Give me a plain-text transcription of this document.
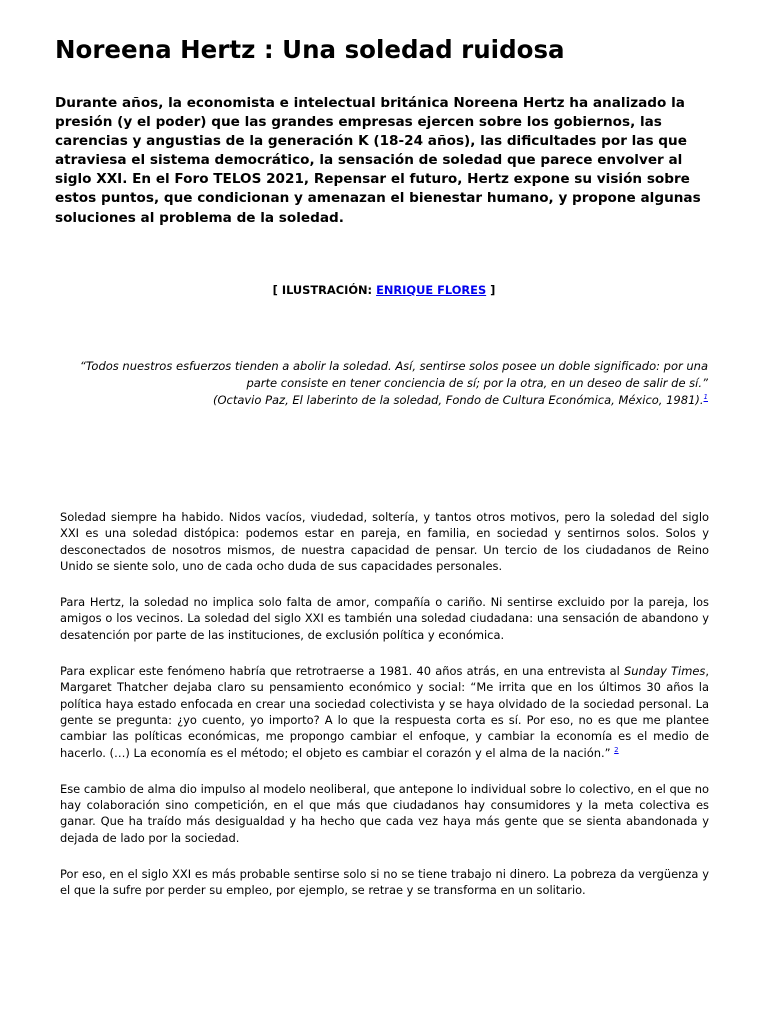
Noreena Hertz : Una soledad ruidosa

Durante años, la economista e intelectual británica Noreena Hertz ha analizado la presión (y el poder) que las grandes empresas ejercen sobre los gobiernos, las carencias y angustias de la generación K (18-24 años), las dificultades por las que atraviesa el sistema democrático, la sensación de soledad que parece envolver al siglo XXI. En el Foro TELOS 2021, Repensar el futuro, Hertz expone su visión sobre estos puntos, que condicionan y amenazan el bienestar humano, y propone algunas soluciones al problema de la soledad.

[ ILUSTRACIÓN: ENRIQUE FLORES ]

“Todos nuestros esfuerzos tienden a abolir la soledad. Así, sentirse solos posee un doble significado: por una parte consiste en tener conciencia de sí; por la otra, en un deseo de salir de sí.”
(Octavio Paz, El laberinto de la soledad, Fondo de Cultura Económica, México, 1981).$^1$

Soledad siempre ha habido. Nidos vacíos, viudedad, soltería, y tantos otros motivos, pero la soledad del siglo XXI es una soledad distópica: podemos estar en pareja, en familia, en sociedad y sentirnos solos. Solos y desconectados de nosotros mismos, de nuestra capacidad de pensar. Un tercio de los ciudadanos de Reino Unido se siente solo, uno de cada ocho duda de sus capacidades personales.

Para Hertz, la soledad no implica solo falta de amor, compañía o cariño. Ni sentirse excluido por la pareja, los amigos o los vecinos. La soledad del siglo XXI es también una soledad ciudadana: una sensación de abandono y desatención por parte de las instituciones, de exclusión política y económica.

Para explicar este fenómeno habría que retrotraerse a 1981. 40 años atrás, en una entrevista al Sunday Times, Margaret Thatcher dejaba claro su pensamiento económico y social: “Me irrita que en los últimos 30 años la política haya estado enfocada en crear una sociedad colectivista y se haya olvidado de la sociedad personal. La gente se pregunta: ¿yo cuento, yo importo? A lo que la respuesta corta es sí. Por eso, no es que me plantee cambiar las políticas económicas, me propongo cambiar el enfoque, y cambiar la economía es el medio de hacerlo. (…) La economía es el método; el objeto es cambiar el corazón y el alma de la nación.” $^2$

Ese cambio de alma dio impulso al modelo neoliberal, que antepone lo individual sobre lo colectivo, en el que no hay colaboración sino competición, en el que más que ciudadanos hay consumidores y la meta colectiva es ganar. Que ha traído más desigualdad y ha hecho que cada vez haya más gente que se sienta abandonada y dejada de lado por la sociedad.

Por eso, en el siglo XXI es más probable sentirse solo si no se tiene trabajo ni dinero. La pobreza da vergüenza y el que la sufre por perder su empleo, por ejemplo, se retrae y se transforma en un solitario.
